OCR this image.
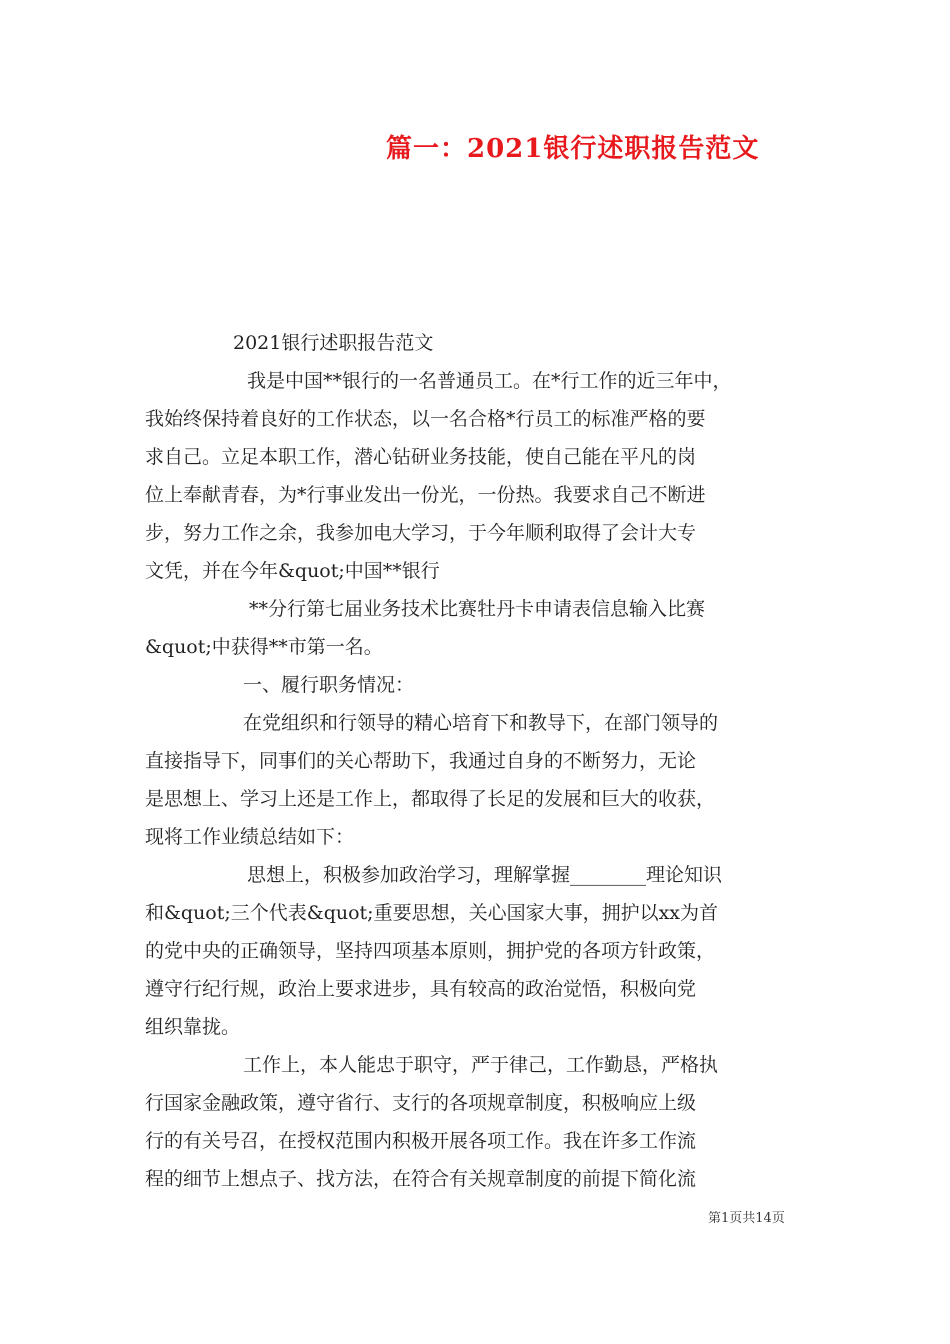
篇一：2021银行述职报告范文
2021银行述职报告范文
我是中国**银行的一名普通员工。在*行工作的近三年中，
我始终保持着良好的工作状态，以一名合格*行员工的标准严格的要
求自己。立足本职工作，潜心钻研业务技能，使自己能在平凡的岗
位上奉献青春，为*行事业发出一份光，一份热。我要求自己不断进
步，努力工作之余，我参加电大学习，于今年顺利取得了会计大专
文凭，并在今年&quot;中国**银行
**分行第七届业务技术比赛牡丹卡申请表信息输入比赛
&quot;中获得**市第一名。
一、履行职务情况：
在党组织和行领导的精心培育下和教导下，在部门领导的
直接指导下，同事们的关心帮助下，我通过自身的不断努力，无论
是思想上、学习上还是工作上，都取得了长足的发展和巨大的收获，
现将工作业绩总结如下：
思想上，积极参加政治学习，理解掌握________理论知识
和&quot;三个代表&quot;重要思想，关心国家大事，拥护以xx为首
的党中央的正确领导，坚持四项基本原则，拥护党的各项方针政策，
遵守行纪行规，政治上要求进步，具有较高的政治觉悟，积极向党
组织靠拢。
工作上，本人能忠于职守，严于律己，工作勤恳，严格执
行国家金融政策，遵守省行、支行的各项规章制度，积极响应上级
行的有关号召，在授权范围内积极开展各项工作。我在许多工作流
程的细节上想点子、找方法，在符合有关规章制度的前提下简化流
第1页共14页
